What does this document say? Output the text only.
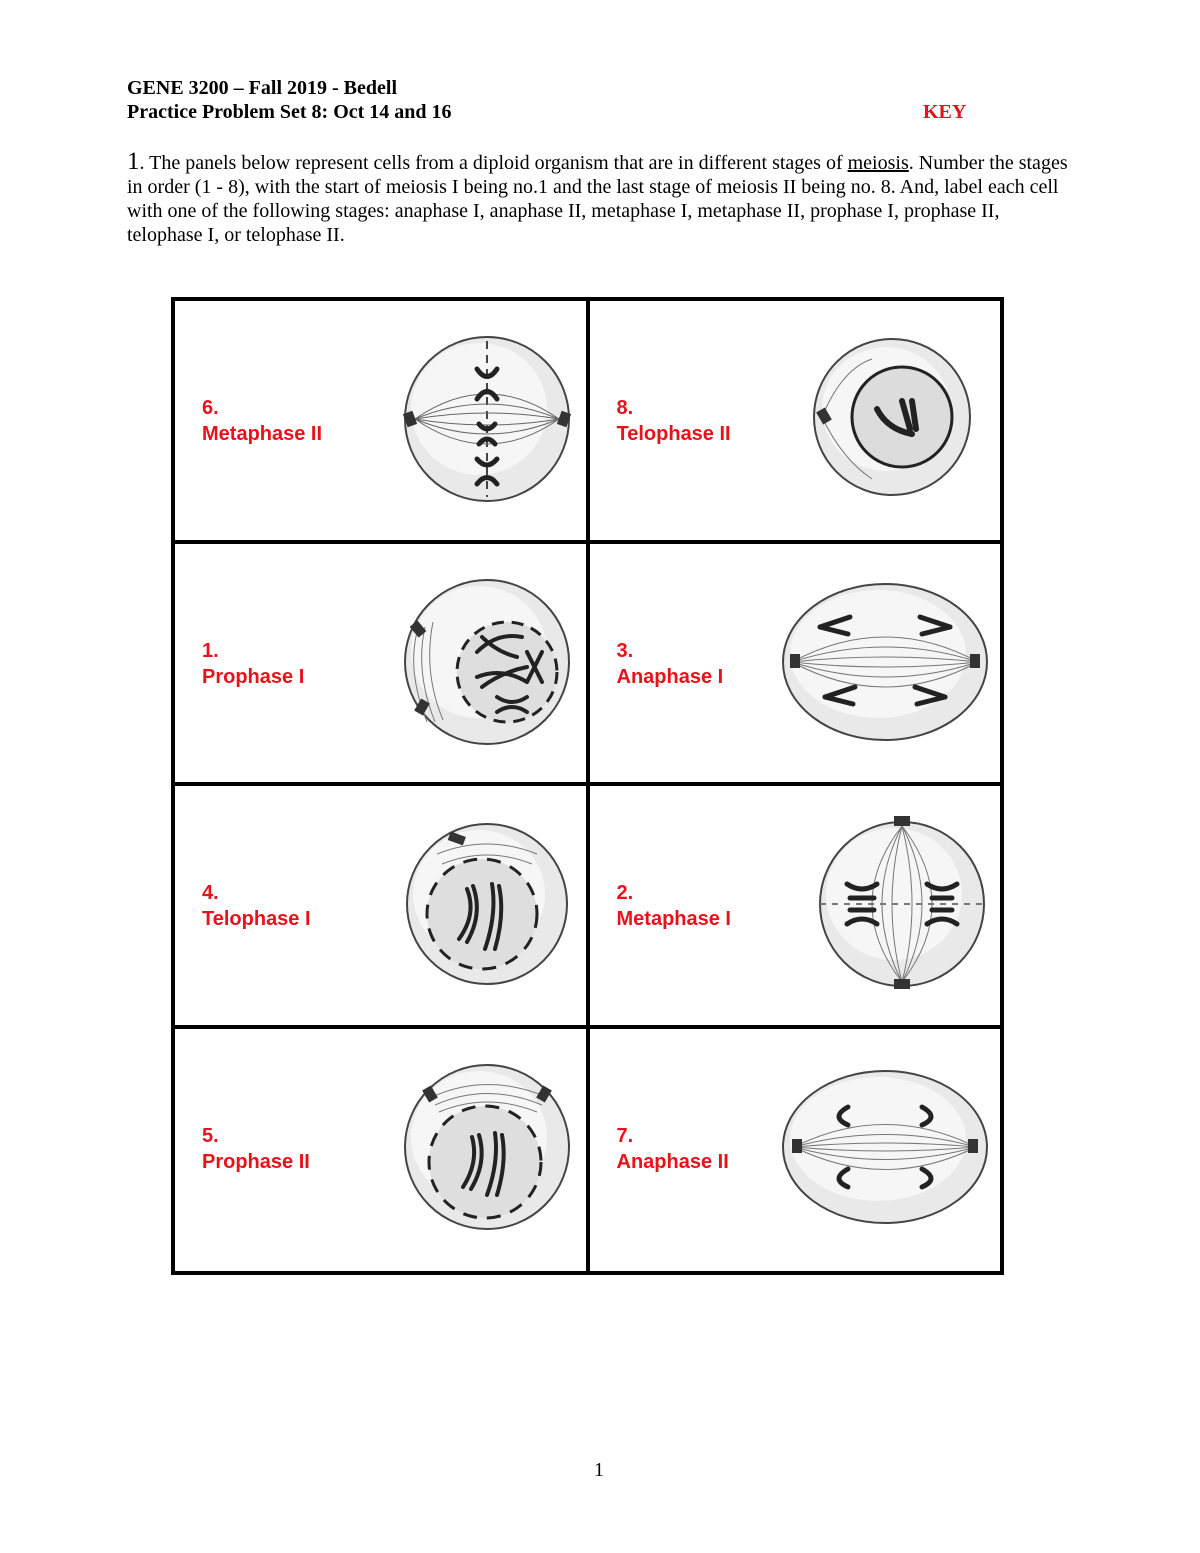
GENE 3200 – Fall 2019 - Bedell
Practice Problem Set 8: Oct 14 and 16	KEY
1. The panels below represent cells from a diploid organism that are in different stages of meiosis. Number the stages in order (1 - 8), with the start of meiosis I being no.1 and the last stage of meiosis II being no. 8. And, label each cell with one of the following stages: anaphase I, anaphase II, metaphase I, metaphase II, prophase I, prophase II, telophase I, or telophase II.
6.
Metaphase II
8.
Telophase II
1.
Prophase I
3.
Anaphase I
4.
Telophase I
2.
Metaphase I
5.
Prophase II
7.
Anaphase II
1
